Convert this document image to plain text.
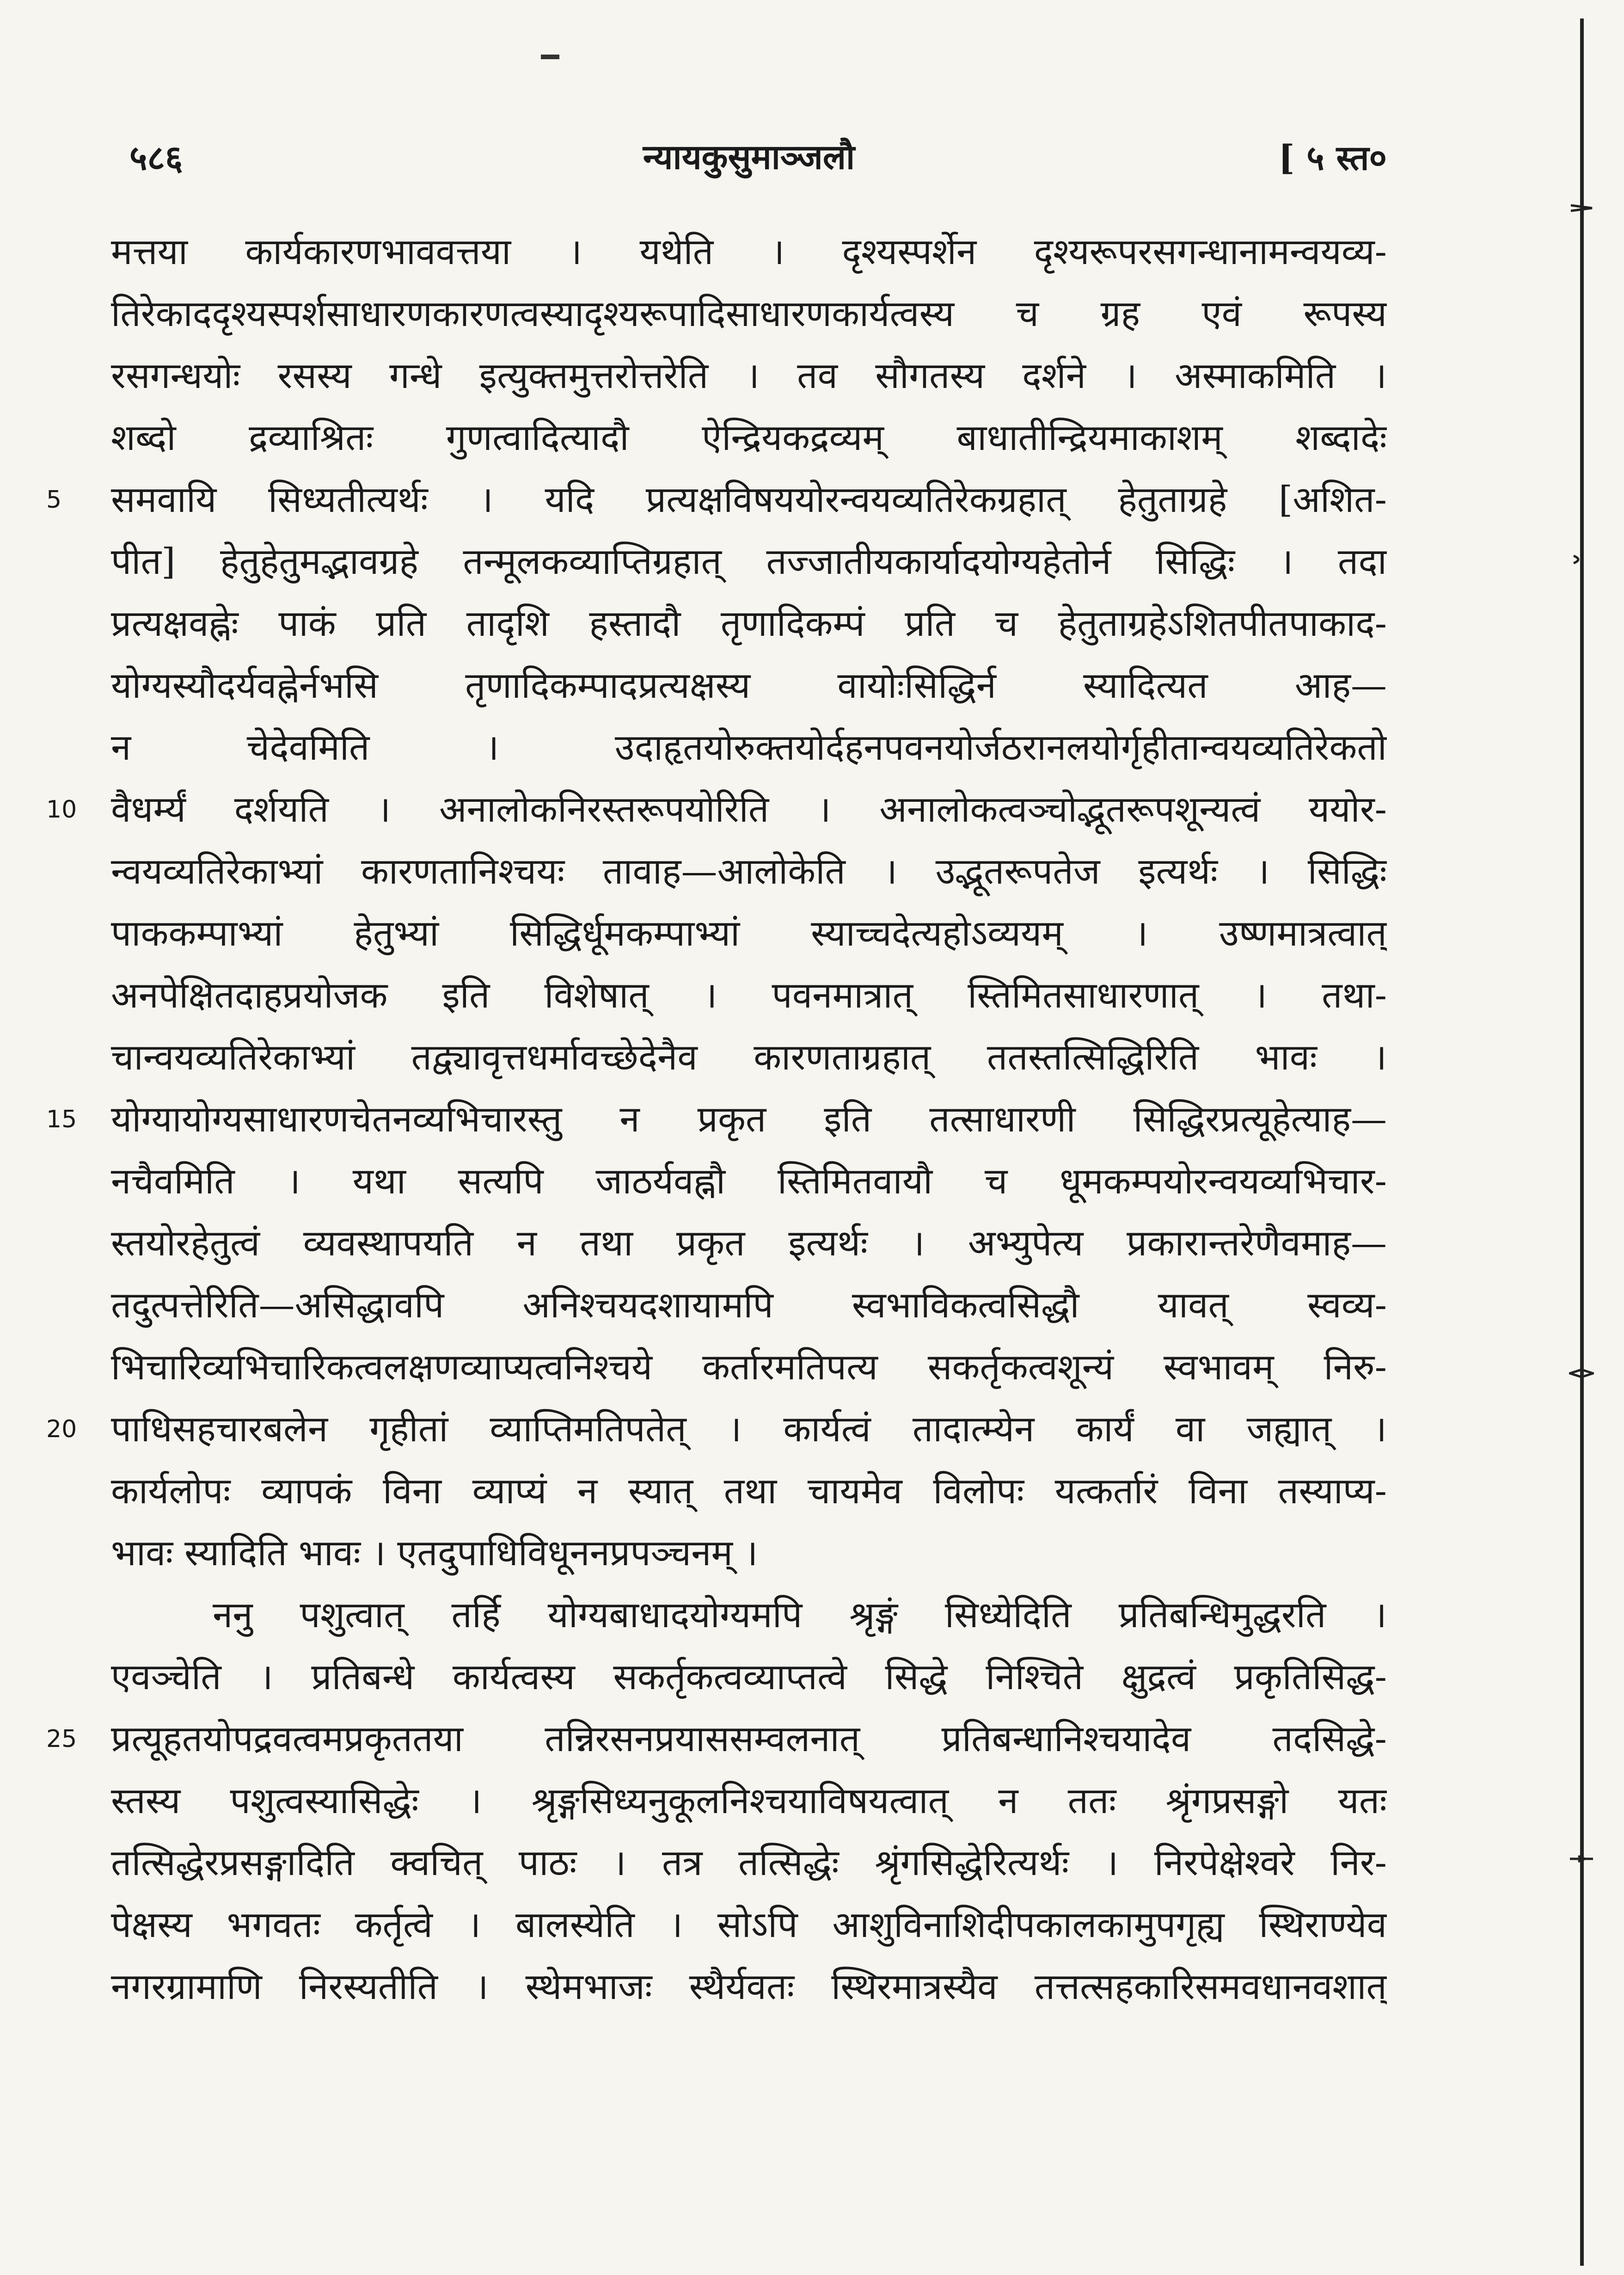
५८६	न्यायकुसुमाञ्जलौ	[ ५ स्त०
मत्तया कार्यकारणभाववत्तया । यथेति । दृश्यस्पर्शेन दृश्यरूपरसगन्धानामन्वयव्य-
तिरेकाददृश्यस्पर्शसाधारणकारणत्वस्यादृश्यरूपादिसाधारणकार्यत्वस्य च ग्रह एवं रूपस्य
रसगन्धयोः रसस्य गन्धे इत्युक्तमुत्तरोत्तरेति । तव सौगतस्य दर्शने । अस्माकमिति ।
शब्दो द्रव्याश्रितः गुणत्वादित्यादौ ऐन्द्रियकद्रव्यम् बाधातीन्द्रियमाकाशम् शब्दादेः
समवायि सिध्यतीत्यर्थः । यदि प्रत्यक्षविषययोरन्वयव्यतिरेकग्रहात् हेतुताग्रहे [अशित-
पीत] हेतुहेतुमद्भावग्रहे तन्मूलकव्याप्तिग्रहात् तज्जातीयकार्यादयोग्यहेतोर्न सिद्धिः । तदा
प्रत्यक्षवह्नेः पाकं प्रति तादृशि हस्तादौ तृणादिकम्पं प्रति च हेतुताग्रहेऽशितपीतपाकाद-
योग्यस्यौदर्यवह्नेर्नभसि तृणादिकम्पादप्रत्यक्षस्य वायोःसिद्धिर्न स्यादित्यत आह—
न चेदेवमिति । उदाहृतयोरुक्तयोर्दहनपवनयोर्जठरानलयोर्गृहीतान्वयव्यतिरेकतो
वैधर्म्यं दर्शयति । अनालोकनिरस्तरूपयोरिति । अनालोकत्वञ्चोद्भूतरूपशून्यत्वं ययोर-
न्वयव्यतिरेकाभ्यां कारणतानिश्चयः तावाह—आलोकेति । उद्भूतरूपतेज इत्यर्थः । सिद्धिः
पाककम्पाभ्यां हेतुभ्यां सिद्धिर्धूमकम्पाभ्यां स्याच्चदेत्यहोऽव्ययम् । उष्णमात्रत्वात्
अनपेक्षितदाहप्रयोजक इति विशेषात् । पवनमात्रात् स्तिमितसाधारणात् । तथा-
चान्वयव्यतिरेकाभ्यां तद्व्यावृत्तधर्मावच्छेदेनैव कारणताग्रहात् ततस्तत्सिद्धिरिति भावः ।
योग्यायोग्यसाधारणचेतनव्यभिचारस्तु न प्रकृत इति तत्साधारणी सिद्धिरप्रत्यूहेत्याह—
नचैवमिति । यथा सत्यपि जाठर्यवह्नौ स्तिमितवायौ च धूमकम्पयोरन्वयव्यभिचार-
स्तयोरहेतुत्वं व्यवस्थापयति न तथा प्रकृत इत्यर्थः । अभ्युपेत्य प्रकारान्तरेणैवमाह—
तदुत्पत्तेरिति—असिद्धावपि अनिश्चयदशायामपि स्वभाविकत्वसिद्धौ यावत् स्वव्य-
भिचारिव्यभिचारिकत्वलक्षणव्याप्यत्वनिश्चये कर्तारमतिपत्य सकर्तृकत्वशून्यं स्वभावम् निरु-
पाधिसहचारबलेन गृहीतां व्याप्तिमतिपतेत् । कार्यत्वं तादात्म्येन कार्यं वा जह्यात् ।
कार्यलोपः व्यापकं विना व्याप्यं न स्यात् तथा चायमेव विलोपः यत्कर्तारं विना तस्याप्य-
भावः स्यादिति भावः । एतदुपाधिविधूननप्रपञ्चनम् ।
ननु पशुत्वात् तर्हि योग्यबाधादयोग्यमपि श्रृङ्गं सिध्येदिति प्रतिबन्धिमुद्धरति ।
एवञ्चेति । प्रतिबन्धे कार्यत्वस्य सकर्तृकत्वव्याप्तत्वे सिद्धे निश्चिते क्षुद्रत्वं प्रकृतिसिद्ध-
प्रत्यूहतयोपद्रवत्वमप्रकृततया तन्निरसनप्रयाससम्वलनात् प्रतिबन्धानिश्चयादेव तदसिद्धे-
स्तस्य पशुत्वस्यासिद्धेः । श्रृङ्गसिध्यनुकूलनिश्चयाविषयत्वात् न ततः श्रृंगप्रसङ्गो यतः
तत्सिद्धेरप्रसङ्गादिति क्वचित् पाठः । तत्र तत्सिद्धेः श्रृंगसिद्धेरित्यर्थः । निरपेक्षेश्वरे निर-
पेक्षस्य भगवतः कर्तृत्वे । बालस्येति । सोऽपि आशुविनाशिदीपकालकामुपगृह्य स्थिराण्येव
नगरग्रामाणि निरस्यतीति । स्थेमभाजः स्थैर्यवतः स्थिरमात्रस्यैव तत्तत्सहकारिसमवधानवशात्
5
10
15
20
25
